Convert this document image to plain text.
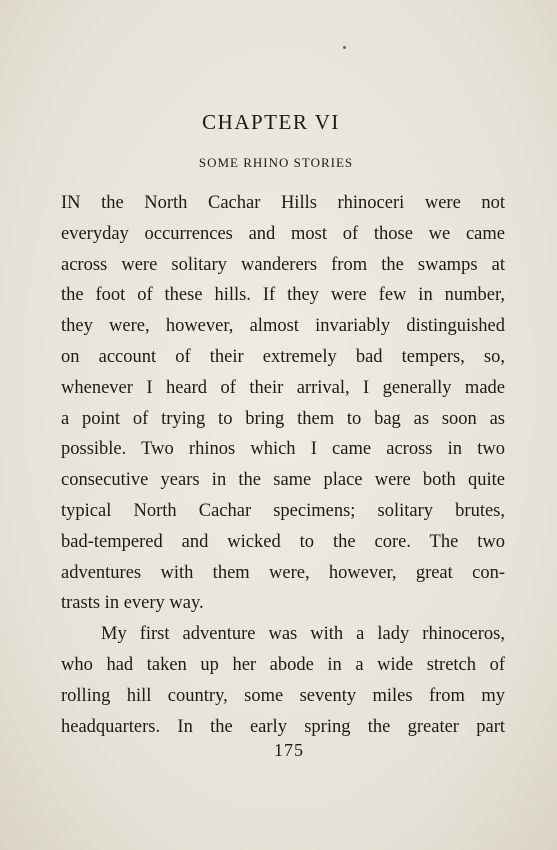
CHAPTER VI
SOME RHINO STORIES
IN the North Cachar Hills rhinoceri were not
everyday occurrences and most of those we came
across were solitary wanderers from the swamps at
the foot of these hills. If they were few in number,
they were, however, almost invariably distinguished
on account of their extremely bad tempers, so,
whenever I heard of their arrival, I generally made
a point of trying to bring them to bag as soon as
possible. Two rhinos which I came across in two
consecutive years in the same place were both quite
typical North Cachar specimens; solitary brutes,
bad-tempered and wicked to the core. The two
adventures with them were, however, great con-
trasts in every way.
My first adventure was with a lady rhinoceros,
who had taken up her abode in a wide stretch of
rolling hill country, some seventy miles from my
headquarters. In the early spring the greater part
175
